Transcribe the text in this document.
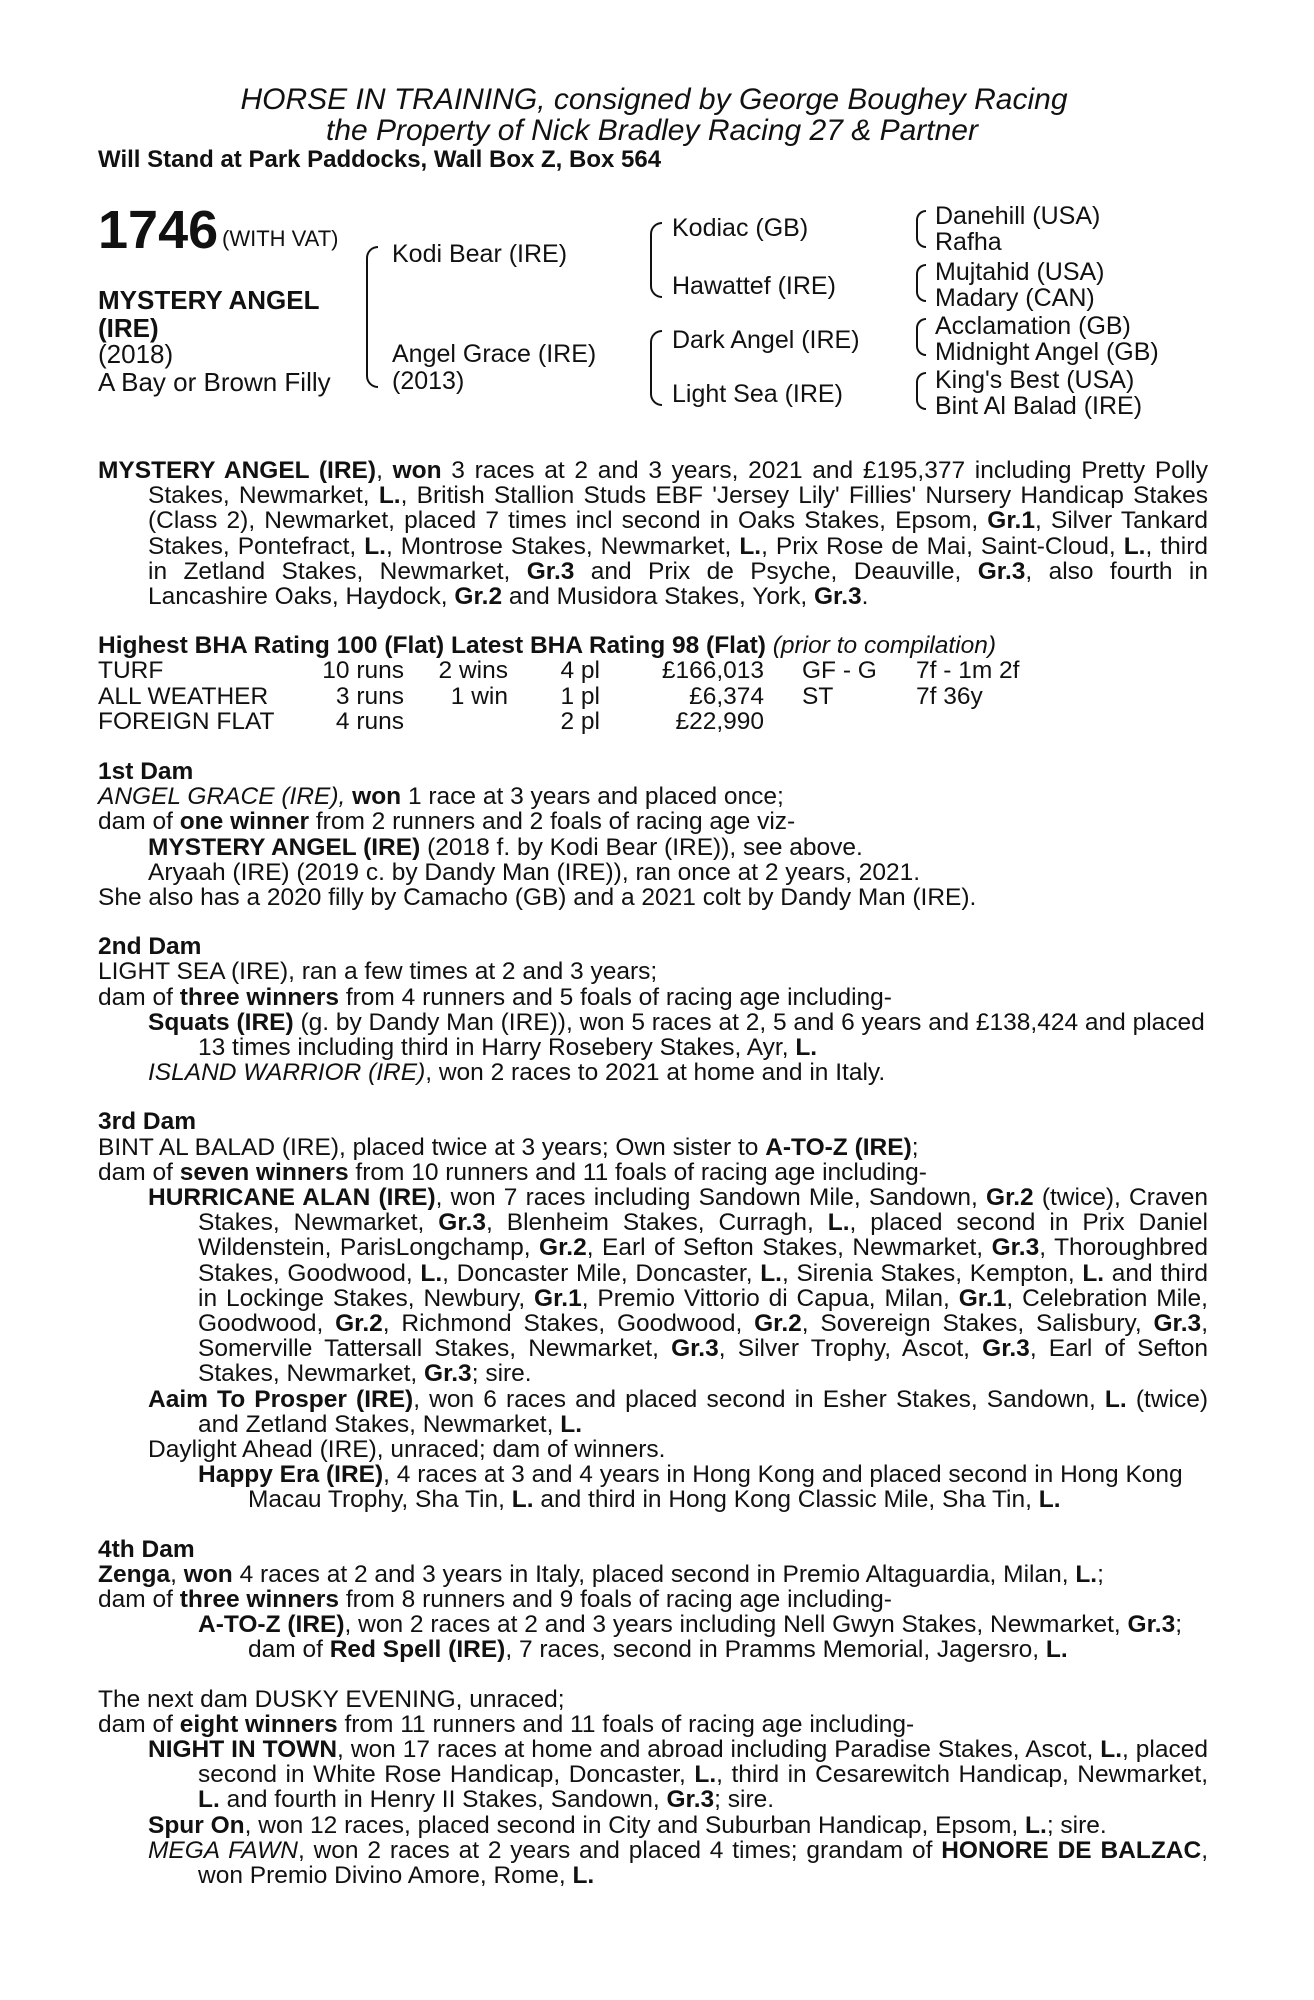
HORSE IN TRAINING, consigned by George Boughey Racing
the Property of Nick Bradley Racing 27 & Partner
Will Stand at Park Paddocks, Wall Box Z, Box 564
1746 (WITH VAT)
MYSTERY ANGEL
(IRE)
(2018)
A Bay or Brown Filly
Kodi Bear (IRE)
Angel Grace (IRE)
(2013)
Kodiac (GB)
Hawattef (IRE)
Dark Angel (IRE)
Light Sea (IRE)
Danehill (USA)
Rafha
Mujtahid (USA)
Madary (CAN)
Acclamation (GB)
Midnight Angel (GB)
King's Best (USA)
Bint Al Balad (IRE)

MYSTERY ANGEL (IRE), won 3 races at 2 and 3 years, 2021 and £195,377 including Pretty Polly Stakes, Newmarket, L., British Stallion Studs EBF 'Jersey Lily' Fillies' Nursery Handicap Stakes (Class 2), Newmarket, placed 7 times incl second in Oaks Stakes, Epsom, Gr.1, Silver Tankard Stakes, Pontefract, L., Montrose Stakes, Newmarket, L., Prix Rose de Mai, Saint-Cloud, L., third in Zetland Stakes, Newmarket, Gr.3 and Prix de Psyche, Deauville, Gr.3, also fourth in Lancashire Oaks, Haydock, Gr.2 and Musidora Stakes, York, Gr.3.

Highest BHA Rating 100 (Flat) Latest BHA Rating 98 (Flat) (prior to compilation)

TURF	10 runs	2 wins	4 pl	£166,013	GF - G	7f - 1m 2f
ALL WEATHER	3 runs	1 win	1 pl	£6,374	ST	7f 36y
FOREIGN FLAT	4 runs		2 pl	£22,990		

1st Dam

ANGEL GRACE (IRE), won 1 race at 3 years and placed once;

dam of one winner from 2 runners and 2 foals of racing age viz-

MYSTERY ANGEL (IRE) (2018 f. by Kodi Bear (IRE)), see above.

Aryaah (IRE) (2019 c. by Dandy Man (IRE)), ran once at 2 years, 2021.

She also has a 2020 filly by Camacho (GB) and a 2021 colt by Dandy Man (IRE).

2nd Dam

LIGHT SEA (IRE), ran a few times at 2 and 3 years;

dam of three winners from 4 runners and 5 foals of racing age including-

Squats (IRE) (g. by Dandy Man (IRE)), won 5 races at 2, 5 and 6 years and £138,424 and placed 13 times including third in Harry Rosebery Stakes, Ayr, L.

ISLAND WARRIOR (IRE), won 2 races to 2021 at home and in Italy.

3rd Dam

BINT AL BALAD (IRE), placed twice at 3 years; Own sister to A-TO-Z (IRE);

dam of seven winners from 10 runners and 11 foals of racing age including-

HURRICANE ALAN (IRE), won 7 races including Sandown Mile, Sandown, Gr.2 (twice), Craven Stakes, Newmarket, Gr.3, Blenheim Stakes, Curragh, L., placed second in Prix Daniel Wildenstein, ParisLongchamp, Gr.2, Earl of Sefton Stakes, Newmarket, Gr.3, Thoroughbred Stakes, Goodwood, L., Doncaster Mile, Doncaster, L., Sirenia Stakes, Kempton, L. and third in Lockinge Stakes, Newbury, Gr.1, Premio Vittorio di Capua, Milan, Gr.1, Celebration Mile, Goodwood, Gr.2, Richmond Stakes, Goodwood, Gr.2, Sovereign Stakes, Salisbury, Gr.3, Somerville Tattersall Stakes, Newmarket, Gr.3, Silver Trophy, Ascot, Gr.3, Earl of Sefton Stakes, Newmarket, Gr.3; sire.

Aaim To Prosper (IRE), won 6 races and placed second in Esher Stakes, Sandown, L. (twice) and Zetland Stakes, Newmarket, L.

Daylight Ahead (IRE), unraced; dam of winners.

Happy Era (IRE), 4 races at 3 and 4 years in Hong Kong and placed second in Hong Kong Macau Trophy, Sha Tin, L. and third in Hong Kong Classic Mile, Sha Tin, L.

4th Dam

Zenga, won 4 races at 2 and 3 years in Italy, placed second in Premio Altaguardia, Milan, L.;

dam of three winners from 8 runners and 9 foals of racing age including-

A-TO-Z (IRE), won 2 races at 2 and 3 years including Nell Gwyn Stakes, Newmarket, Gr.3; dam of Red Spell (IRE), 7 races, second in Pramms Memorial, Jagersro, L.

The next dam DUSKY EVENING, unraced;

dam of eight winners from 11 runners and 11 foals of racing age including-

NIGHT IN TOWN, won 17 races at home and abroad including Paradise Stakes, Ascot, L., placed second in White Rose Handicap, Doncaster, L., third in Cesarewitch Handicap, Newmarket, L. and fourth in Henry II Stakes, Sandown, Gr.3; sire.

Spur On, won 12 races, placed second in City and Suburban Handicap, Epsom, L.; sire.

MEGA FAWN, won 2 races at 2 years and placed 4 times; grandam of HONORE DE BALZAC, won Premio Divino Amore, Rome, L.
